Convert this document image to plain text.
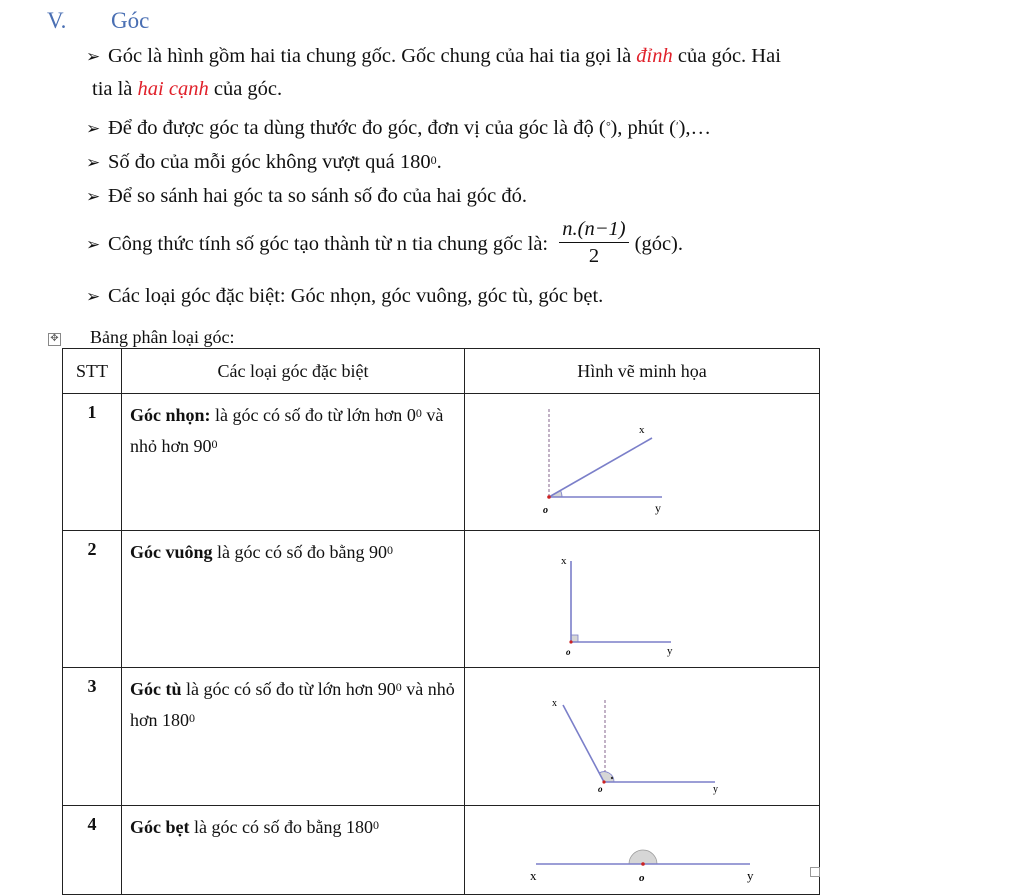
V. Góc
➢ Góc là hình gồm hai tia chung gốc. Gốc chung của hai tia gọi là đỉnh của góc. Hai
tia là hai cạnh của góc.
➢ Để đo được góc ta dùng thước đo góc, đơn vị của góc là độ (°), phút ($^ʹ$),…
➢ Số đo của mỗi góc không vượt quá $180^0$.
➢ Để so sánh hai góc ta so sánh số đo của hai góc đó.
➢ Công thức tính số góc tạo thành từ n tia chung gốc là: $\frac{n.(n-1)}{2}$ (góc).
➢ Các loại góc đặc biệt: Góc nhọn, góc vuông, góc tù, góc bẹt.
✥ Bảng phân loại góc:
STT	Các loại góc đặc biệt	Hình vẽ minh họa
1	Góc nhọn: là góc có số đo từ lớn hơn $0^0$ và nhỏ hơn $90^0$	x
y
o

2	Góc vuông là góc có số đo bằng $90^0$	x
y
o

3	Góc tù là góc có số đo từ lớn hơn $90^0$ và nhỏ hơn $180^0$	x
y
o

4	Góc bẹt là góc có số đo bằng $180^0$	x y
o
